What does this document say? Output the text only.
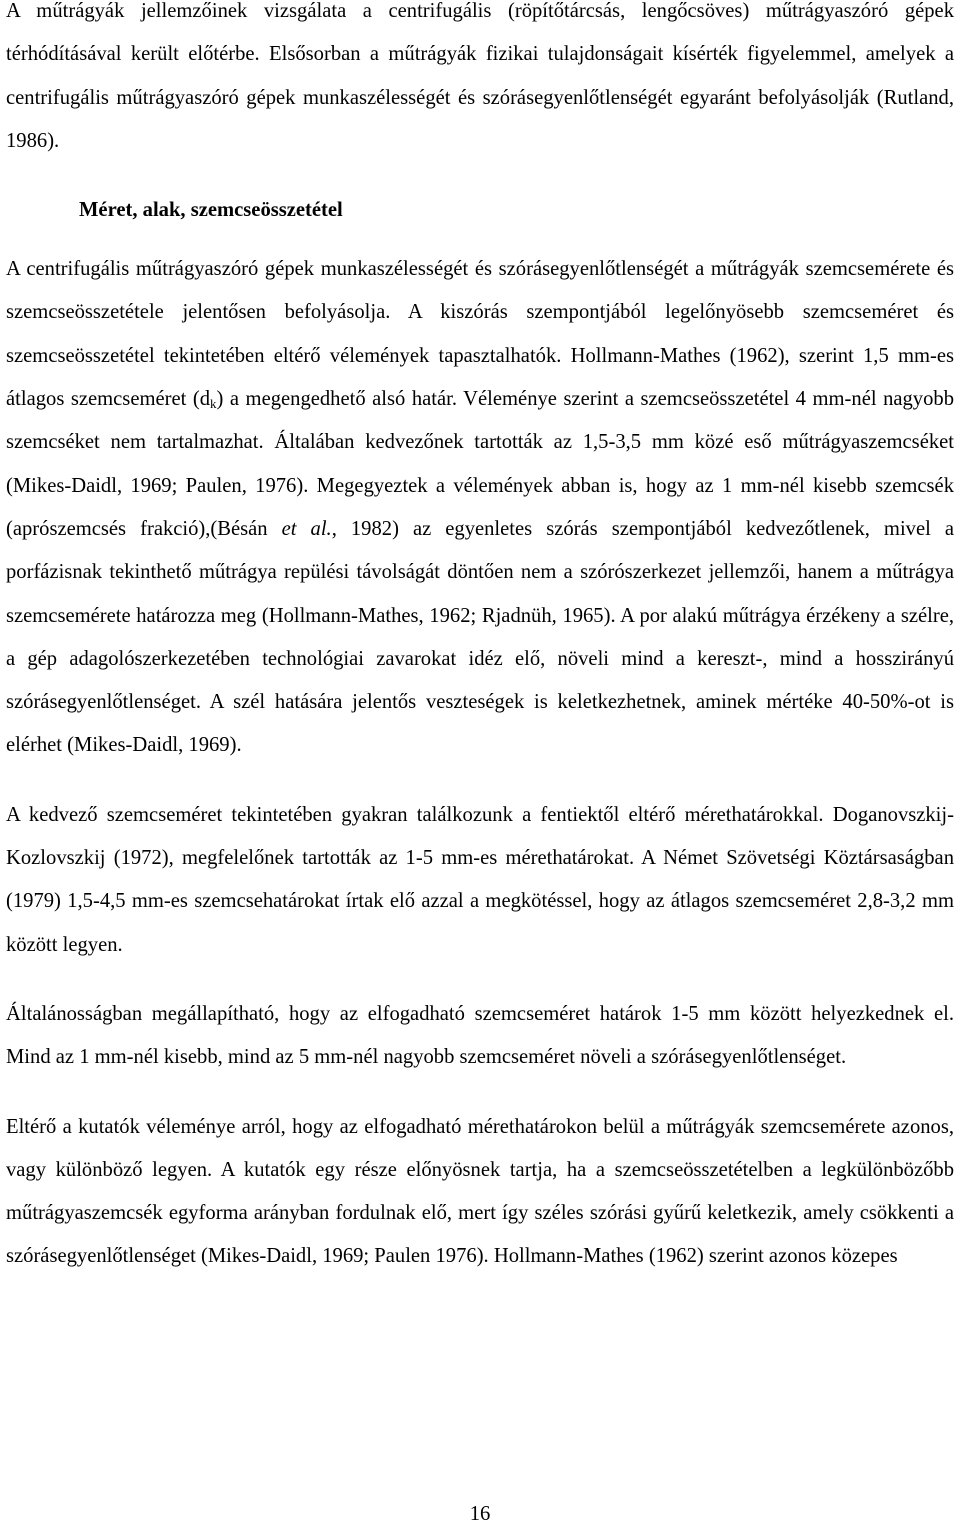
A műtrágyák jellemzőinek vizsgálata a centrifugális (röpítőtárcsás, lengőcsöves) műtrágyaszóró gépek térhódításával került előtérbe. Elsősorban a műtrágyák fizikai tulajdonságait kísérték figyelemmel, amelyek a centrifugális műtrágyaszóró gépek munkaszélességét és szórásegyenlőtlenségét egyaránt befolyásolják (Rutland, 1986).

Méret, alak, szemcseösszetétel

A centrifugális műtrágyaszóró gépek munkaszélességét és szórásegyenlőtlenségét a műtrágyák szemcsemérete és szemcseösszetétele jelentősen befolyásolja. A kiszórás szempontjából legelőnyösebb szemcseméret és szemcseösszetétel tekintetében eltérő vélemények tapasztalhatók. Hollmann-Mathes (1962), szerint 1,5 mm-es átlagos szemcseméret $(d_k)$ a megengedhető alsó határ. Véleménye szerint a szemcseösszetétel 4 mm-nél nagyobb szemcséket nem tartalmazhat. Általában kedvezőnek tartották az 1,5-3,5 mm közé eső műtrágyaszemcséket (Mikes-Daidl, 1969; Paulen, 1976). Megegyeztek a vélemények abban is, hogy az 1 mm-nél kisebb szemcsék (aprószemcsés frakció),(Bésán et al., 1982) az egyenletes szórás szempontjából kedvezőtlenek, mivel a porfázisnak tekinthető műtrágya repülési távolságát döntően nem a szórószerkezet jellemzői, hanem a műtrágya szemcsemérete határozza meg (Hollmann-Mathes, 1962; Rjadnüh, 1965). A por alakú műtrágya érzékeny a szélre, a gép adagolószerkezetében technológiai zavarokat idéz elő, növeli mind a kereszt-, mind a hosszirányú szórásegyenlőtlenséget. A szél hatására jelentős veszteségek is keletkezhetnek, aminek mértéke 40-50%-ot is elérhet (Mikes-Daidl, 1969).

A kedvező szemcseméret tekintetében gyakran találkozunk a fentiektől eltérő mérethatárokkal. Doganovszkij-Kozlovszkij (1972), megfelelőnek tartották az 1-5 mm-es mérethatárokat. A Német Szövetségi Köztársaságban (1979) 1,5-4,5 mm-es szemcsehatárokat írtak elő azzal a megkötéssel, hogy az átlagos szemcseméret 2,8-3,2 mm között legyen.

Általánosságban megállapítható, hogy az elfogadható szemcseméret határok 1-5 mm között helyezkednek el. Mind az 1 mm-nél kisebb, mind az 5 mm-nél nagyobb szemcseméret növeli a szórásegyenlőtlenséget.

Eltérő a kutatók véleménye arról, hogy az elfogadható mérethatárokon belül a műtrágyák szemcsemérete azonos, vagy különböző legyen. A kutatók egy része előnyösnek tartja, ha a szemcseösszetételben a legkülönbözőbb műtrágyaszemcsék egyforma arányban fordulnak elő, mert így széles szórási gyűrű keletkezik, amely csökkenti a szórásegyenlőtlenséget (Mikes-Daidl, 1969; Paulen 1976). Hollmann-Mathes (1962) szerint azonos közepes

16
